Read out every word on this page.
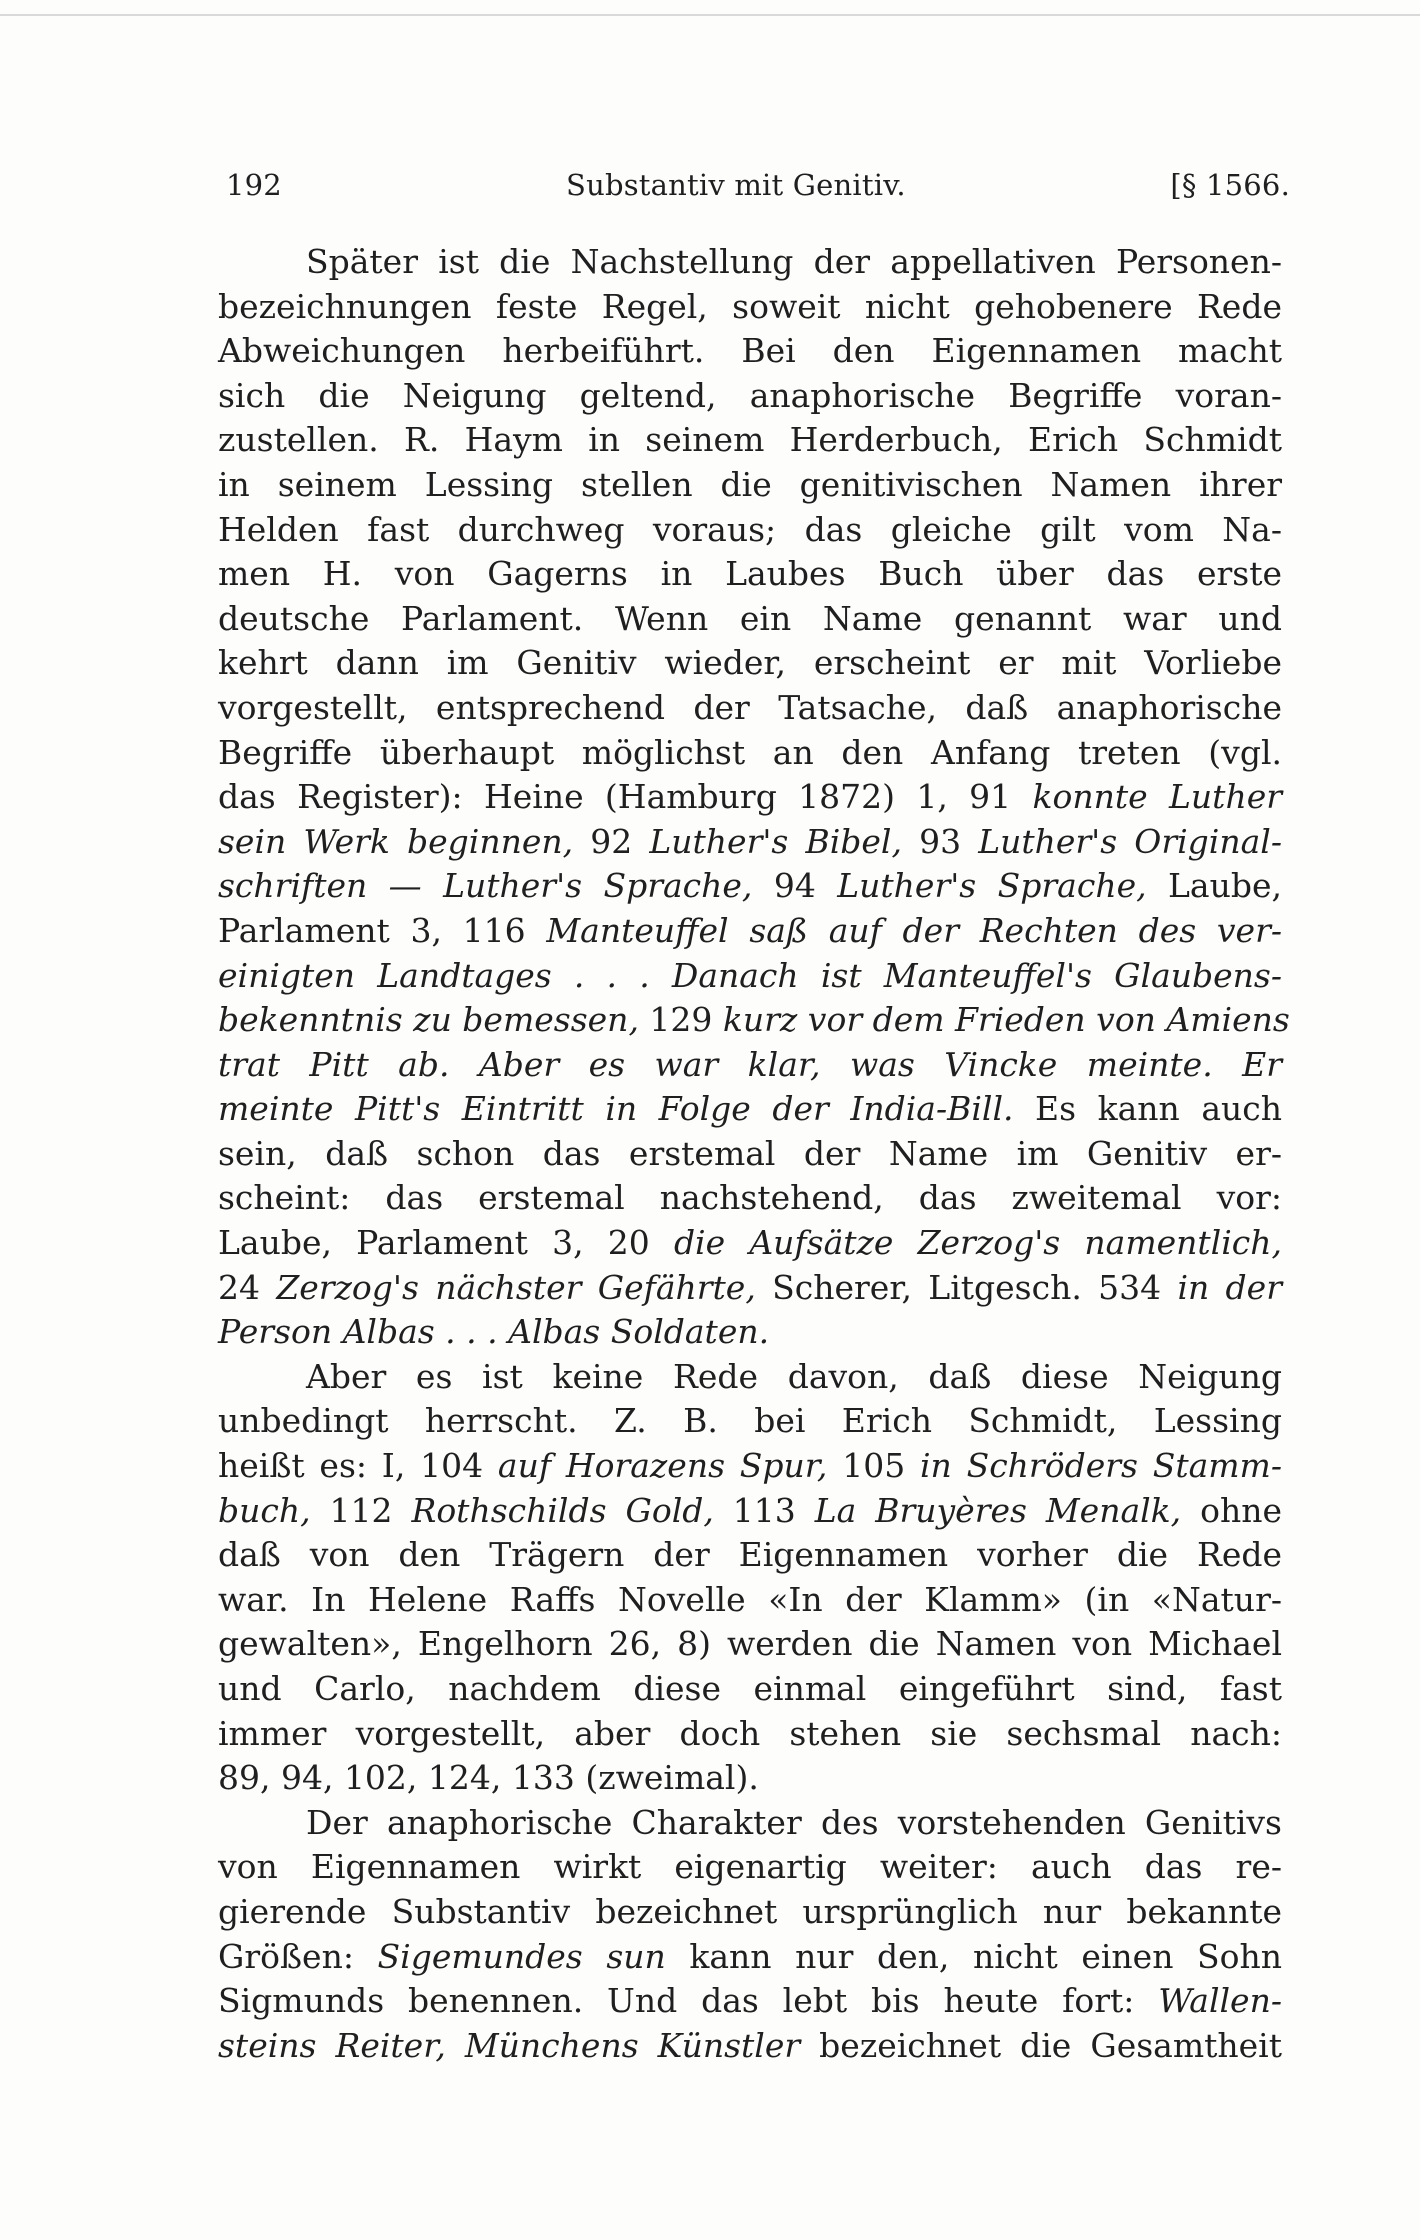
192	Substantiv mit Genitiv.	[§ 1566.
Später ist die Nachstellung der appellativen Personen-
bezeichnungen feste Regel, soweit nicht gehobenere Rede
Abweichungen herbeiführt. Bei den Eigennamen macht
sich die Neigung geltend, anaphorische Begriffe voran-
zustellen. R. Haym in seinem Herderbuch, Erich Schmidt
in seinem Lessing stellen die genitivischen Namen ihrer
Helden fast durchweg voraus; das gleiche gilt vom Na-
men H. von Gagerns in Laubes Buch über das erste
deutsche Parlament. Wenn ein Name genannt war und
kehrt dann im Genitiv wieder, erscheint er mit Vorliebe
vorgestellt, entsprechend der Tatsache, daß anaphorische
Begriffe überhaupt möglichst an den Anfang treten (vgl.
das Register): Heine (Hamburg 1872) 1, 91 konnte Luther
sein Werk beginnen, 92 Luther's Bibel, 93 Luther's Original-
schriften — Luther's Sprache, 94 Luther's Sprache, Laube,
Parlament 3, 116 Manteuffel saß auf der Rechten des ver-
einigten Landtages . . . Danach ist Manteuffel's Glaubens-
bekenntnis zu bemessen, 129 kurz vor dem Frieden von Amiens
trat Pitt ab. Aber es war klar, was Vincke meinte. Er
meinte Pitt's Eintritt in Folge der India-Bill. Es kann auch
sein, daß schon das erstemal der Name im Genitiv er-
scheint: das erstemal nachstehend, das zweitemal vor:
Laube, Parlament 3, 20 die Aufsätze Zerzog's namentlich,
24 Zerzog's nächster Gefährte, Scherer, Litgesch. 534 in der
Person Albas . . . Albas Soldaten.
Aber es ist keine Rede davon, daß diese Neigung
unbedingt herrscht. Z. B. bei Erich Schmidt, Lessing
heißt es: I, 104 auf Horazens Spur, 105 in Schröders Stamm-
buch, 112 Rothschilds Gold, 113 La Bruyères Menalk, ohne
daß von den Trägern der Eigennamen vorher die Rede
war. In Helene Raffs Novelle «In der Klamm» (in «Natur-
gewalten», Engelhorn 26, 8) werden die Namen von Michael
und Carlo, nachdem diese einmal eingeführt sind, fast
immer vorgestellt, aber doch stehen sie sechsmal nach:
89, 94, 102, 124, 133 (zweimal).
Der anaphorische Charakter des vorstehenden Genitivs
von Eigennamen wirkt eigenartig weiter: auch das re-
gierende Substantiv bezeichnet ursprünglich nur bekannte
Größen: Sigemundes sun kann nur den, nicht einen Sohn
Sigmunds benennen. Und das lebt bis heute fort: Wallen-
steins Reiter, Münchens Künstler bezeichnet die Gesamtheit
